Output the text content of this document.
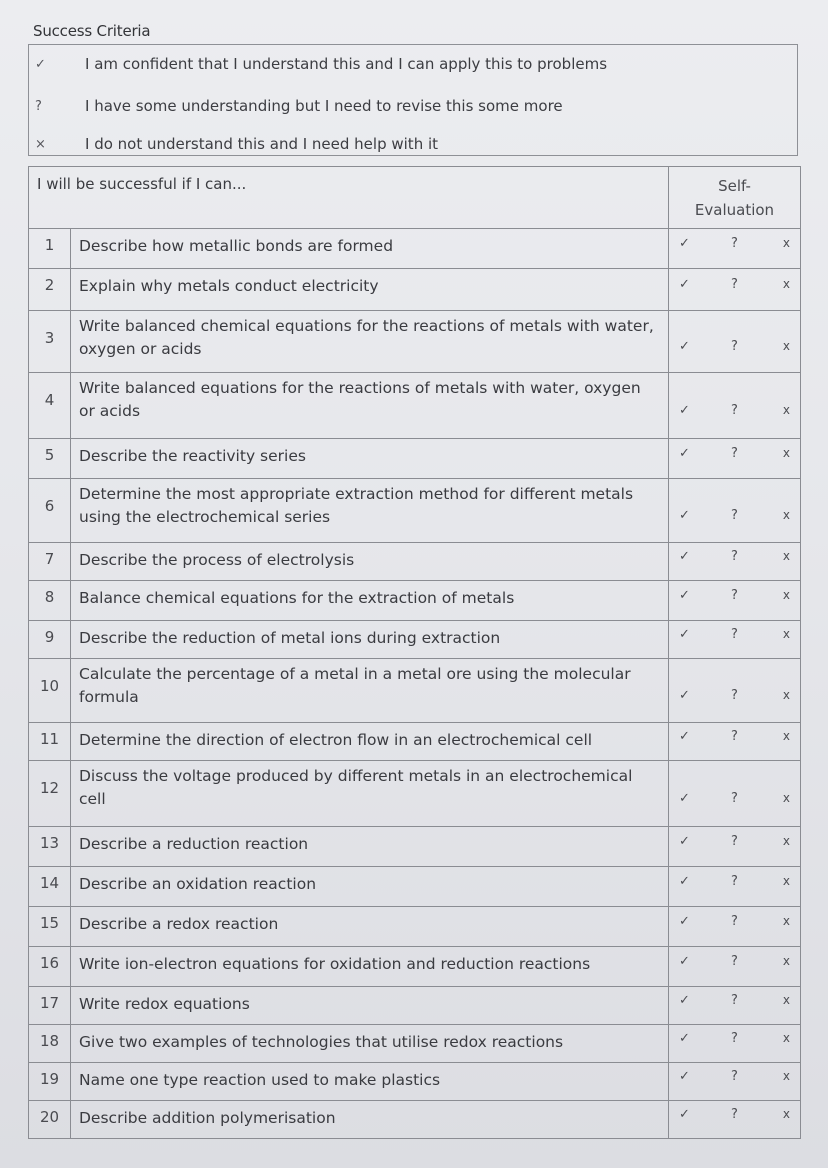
Success Criteria
✓	I am confident that I understand this and I can apply this to problems
?	I have some understanding but I need to revise this some more
×	I do not understand this and I need help with it
I will be successful if I can...		Self-
Evaluation

1	Describe how metallic bonds are formed	✓ ? x

2	Explain why metals conduct electricity	✓ ? x

3	Write balanced chemical equations for the reactions of metals with water, oxygen or acids	✓ ? x

4	Write balanced equations for the reactions of metals with water, oxygen or acids	✓ ? x

5	Describe the reactivity series	✓ ? x

6	Determine the most appropriate extraction method for different metals using the electrochemical series	✓ ? x

7	Describe the process of electrolysis	✓ ? x

8	Balance chemical equations for the extraction of metals	✓ ? x

9	Describe the reduction of metal ions during extraction	✓ ? x

10	Calculate the percentage of a metal in a metal ore using the molecular formula	✓ ? x

11	Determine the direction of electron flow in an electrochemical cell	✓ ? x

12	Discuss the voltage produced by different metals in an electrochemical cell	✓ ? x

13	Describe a reduction reaction	✓ ? x

14	Describe an oxidation reaction	✓ ? x

15	Describe a redox reaction	✓ ? x

16	Write ion-electron equations for oxidation and reduction reactions	✓ ? x

17	Write redox equations	✓ ? x

18	Give two examples of technologies that utilise redox reactions	✓ ? x

19	Name one type reaction used to make plastics	✓ ? x

20	Describe addition polymerisation	✓ ? x
